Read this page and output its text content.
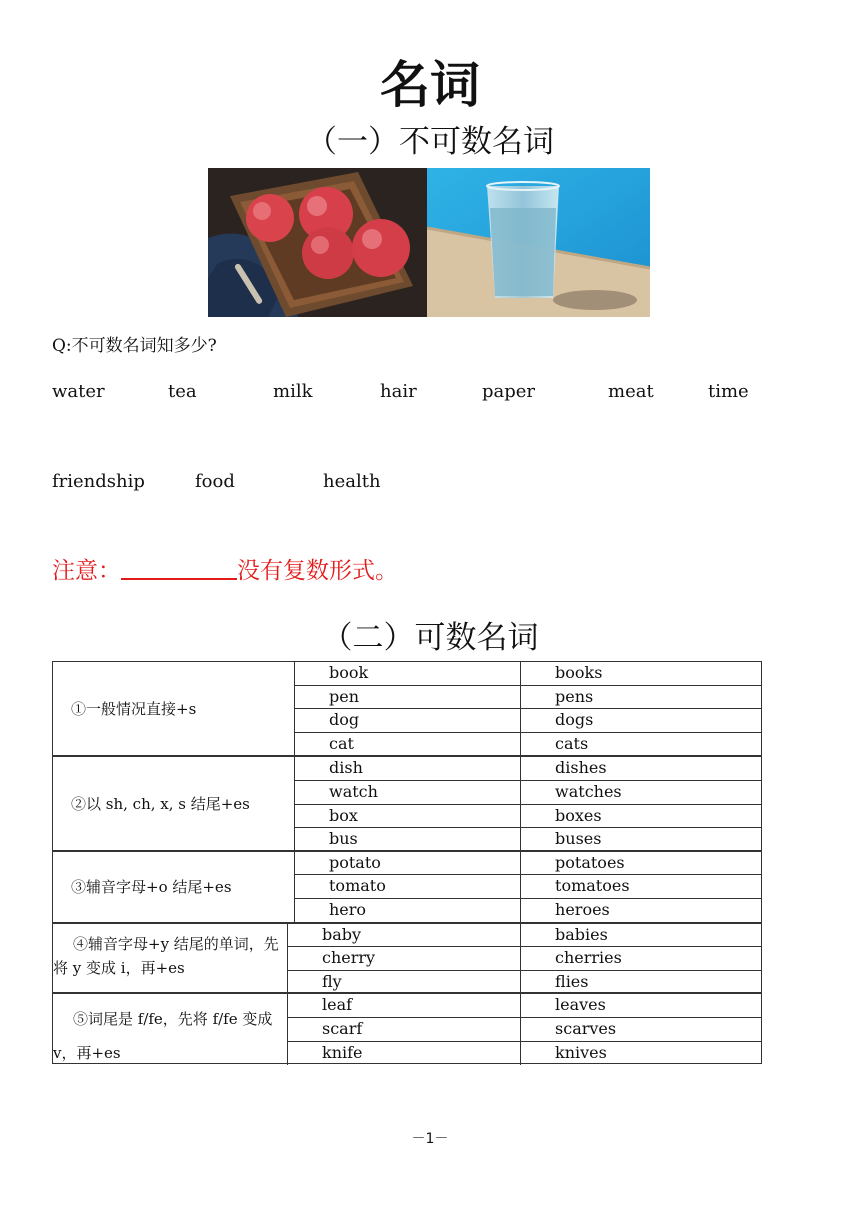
名词
（一）不可数名词
Q:不可数名词知多少?
water	tea	milk	hair	paper	meat	time
friendship	food	health
注意：	没有复数形式。
（二）可数名词
①一般情况直接+s
book	books
pen	pens
dog	dogs
cat	cats
②以 sh, ch, x, s 结尾+es
dish	dishes
watch	watches
box	boxes
bus	buses
③辅音字母+o 结尾+es
potato	potatoes
tomato	tomatoes
hero	heroes
④辅音字母+y 结尾的单词，先将 y 变成 i，再+es
baby	babies
cherry	cherries
fly	flies
⑤词尾是 f/fe，先将 f/fe 变成 v，再+es
leaf	leaves
scarf	scarves
knife	knives
－1－
